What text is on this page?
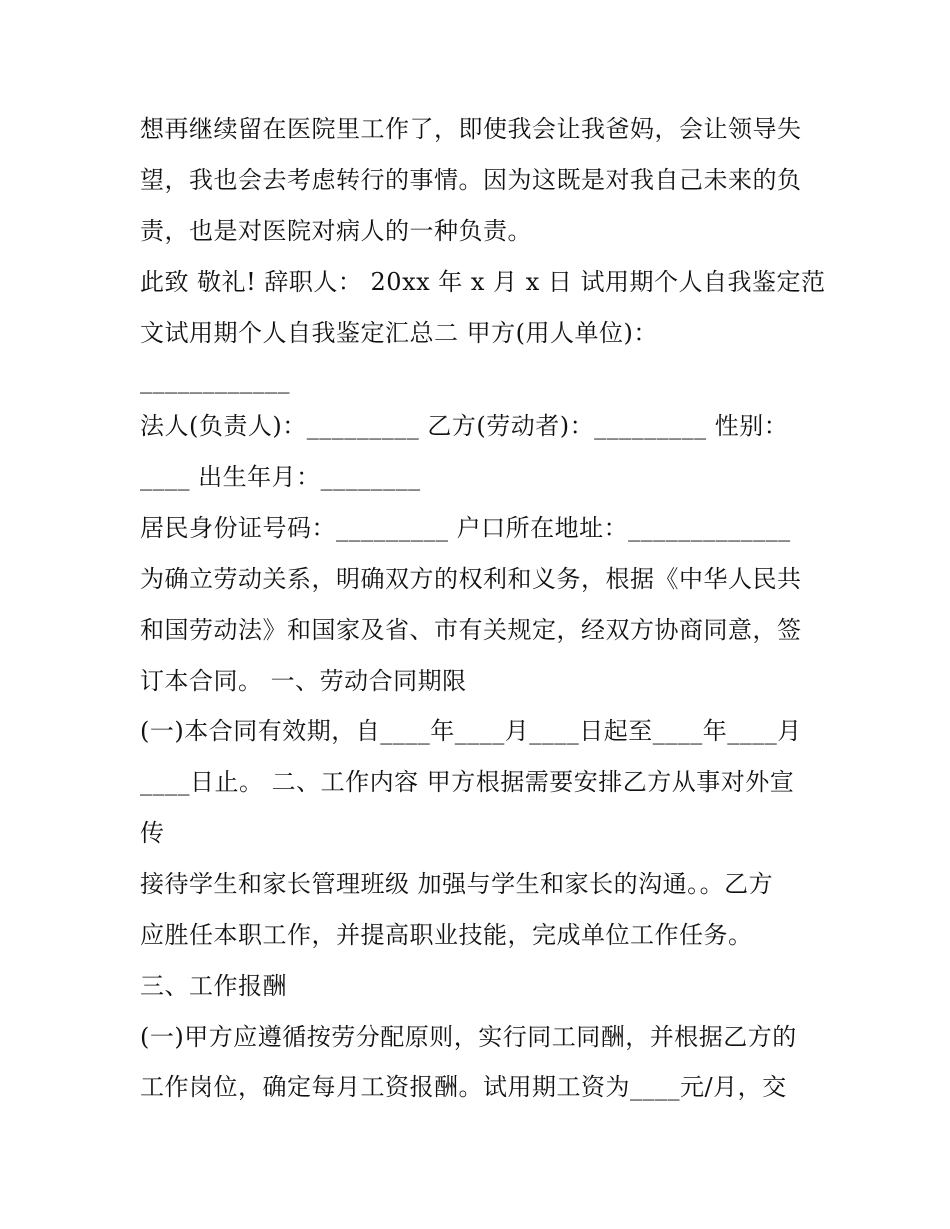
想再继续留在医院里工作了，即使我会让我爸妈，会让领导失
望，我也会去考虑转行的事情。因为这既是对我自己未来的负
责，也是对医院对病人的一种负责。
此致 敬礼! 辞职人： 20xx 年 x 月 x 日 试用期个人自我鉴定范
文试用期个人自我鉴定汇总二 甲方(用人单位)：
____________
法人(负责人)：_________ 乙方(劳动者)：_________ 性别：
____ 出生年月：________
居民身份证号码：_________ 户口所在地址：_____________
为确立劳动关系，明确双方的权利和义务，根据《中华人民共
和国劳动法》和国家及省、市有关规定，经双方协商同意，签
订本合同。 一、劳动合同期限
(一)本合同有效期，自____年____月____日起至____年____月
____日止。 二、工作内容 甲方根据需要安排乙方从事对外宣
传
接待学生和家长管理班级 加强与学生和家长的沟通。。乙方
应胜任本职工作，并提高职业技能，完成单位工作任务。
三、工作报酬
(一)甲方应遵循按劳分配原则，实行同工同酬，并根据乙方的
工作岗位，确定每月工资报酬。试用期工资为____元/月，交
